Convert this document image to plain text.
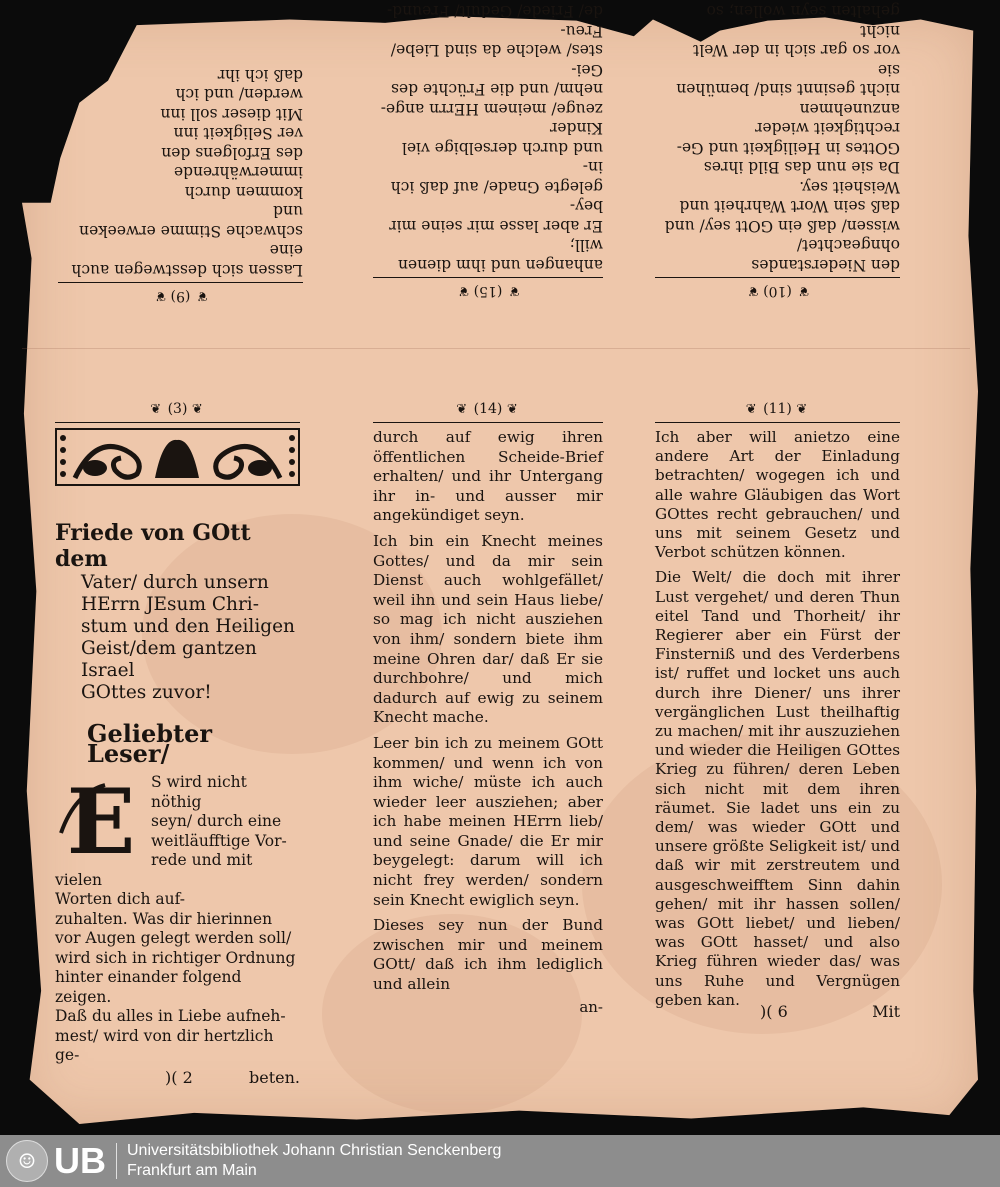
❦ (9) ❦
Lassen sich desstwegen auch eine
schwache Stimme erweeken und
kommen durch immerwährende
des Erfolgens den
ver Seligkeit inn
Mit dieser soll inn
werden/ und ich
daß ich ihr
❦ (15) ❦
anhangen und ihm dienen will;
Er aber lasse mir seine mir bey-
gelegte Gnade/ auf daß ich in-
und durch derselbige viel Kinder
zeuge/ meinem HErrn ange-
nehm/ und die Früchte des Gei-
stes/ welche da sind Liebe/ Freu-
de/ Friede/ Gedult/ Freund-
❦ (10) ❦
den Niederstandes ohngeachtet/
wissen/ daß ein GOtt sey/ und
daß sein Wort Wahrheit und
Weisheit sey.
Da sie nun das Bild ihres
GOttes in Heiligkeit und Ge-
rechtigkeit wieder anzunehmen
nicht gesinnt sind/ bemühen sie
vor so gar sich in der Welt nicht
gehalten seyn wollen; so
❦ (3) ❦
Friede von GOtt dem
Vater/ durch unsern
HErrn JEsum Chri-
stum und den Heiligen
Geist/dem gantzen Israel
GOttes zuvor!
Geliebter Leser/
E	S wird nicht nöthig
seyn/ durch eine
weitläufftige Vor-
rede und mit vielen
Worten dich auf-
zuhalten. Was dir hierinnen
vor Augen gelegt werden soll/
wird sich in richtiger Ordnung
hinter einander folgend zeigen.
Daß du alles in Liebe aufneh-
mest/ wird von dir hertzlich ge-
)( 2	beten.
❦ (14) ❦

durch auf ewig ihren öffentlichen Scheide-Brief erhalten/ und ihr Untergang ihr in- und ausser mir angekündiget seyn.

Ich bin ein Knecht meines Gottes/ und da mir sein Dienst auch wohlgefället/ weil ihn und sein Haus liebe/ so mag ich nicht ausziehen von ihm/ sondern biete ihm meine Ohren dar/ daß Er sie durchbohre/ und mich dadurch auf ewig zu seinem Knecht mache.

Leer bin ich zu meinem GOtt kommen/ und wenn ich von ihm wiche/ müste ich auch wieder leer ausziehen; aber ich habe meinen HErrn lieb/ und seine Gnade/ die Er mir beygelegt: darum will ich nicht frey werden/ sondern sein Knecht ewiglich seyn.

Dieses sey nun der Bund zwischen mir und meinem GOtt/ daß ich ihm lediglich und allein

an-
❦ (11) ❦

Ich aber will anietzo eine andere Art der Einladung betrachten/ wogegen ich und alle wahre Gläubigen das Wort GOttes recht gebrauchen/ und uns mit seinem Gesetz und Verbot schützen können.

Die Welt/ die doch mit ihrer Lust vergehet/ und deren Thun eitel Tand und Thorheit/ ihr Regierer aber ein Fürst der Finsterniß und des Verderbens ist/ ruffet und locket uns auch durch ihre Diener/ uns ihrer vergänglichen Lust theilhaftig zu machen/ mit ihr auszuziehen und wieder die Heiligen GOttes Krieg zu führen/ deren Leben sich nicht mit dem ihren räumet. Sie ladet uns ein zu dem/ was wieder GOtt und unsere größte Seligkeit ist/ und daß wir mit zerstreutem und ausgeschweifftem Sinn dahin gehen/ mit ihr hassen sollen/ was GOtt liebet/ und lieben/ was GOtt hasset/ und also Krieg führen wieder das/ was uns Ruhe und Vergnügen geben kan.

)( 6	Mit
☺ UB Universitätsbibliothek Johann Christian Senckenberg
Frankfurt am Main
